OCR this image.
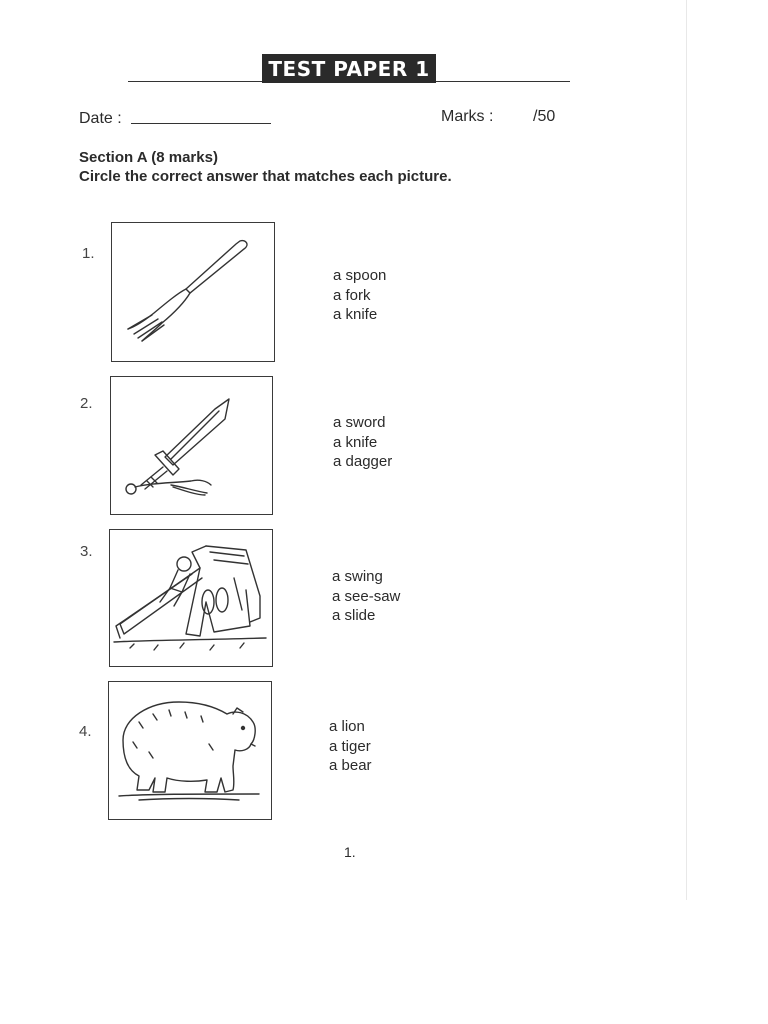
TEST PAPER 1
Date :	Marks : /50
Section A (8 marks)
Circle the correct answer that matches each picture.
1.
a spoon
a fork
a knife
2.
a sword
a knife
a dagger
3.
a swing
a see-saw
a slide
4.	a lion
a tiger
a bear
1.
